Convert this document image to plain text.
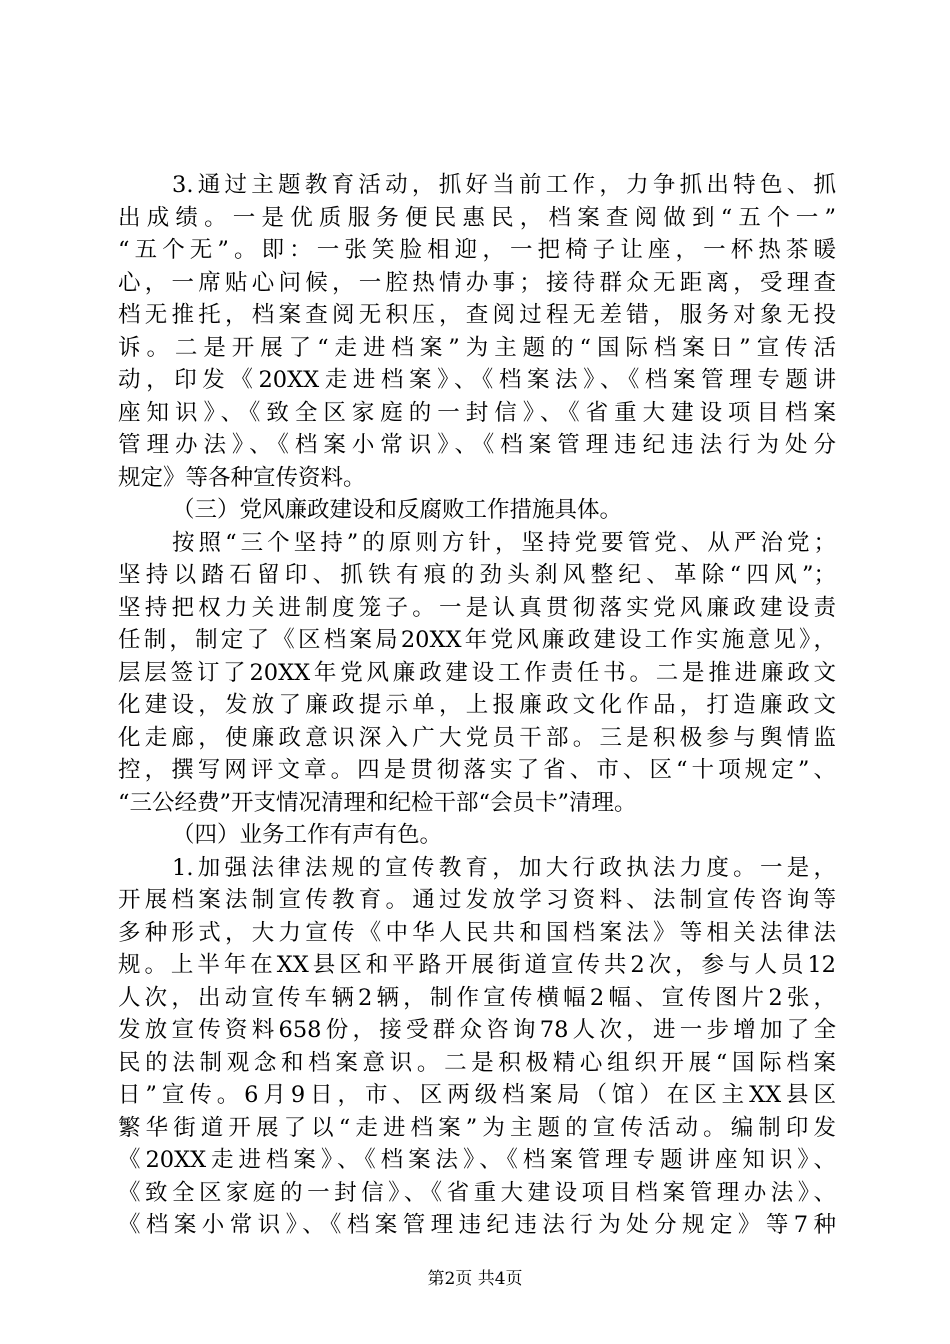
3.通过主题教育活动，抓好当前工作，力争抓出特色、抓
出成绩。一是优质服务便民惠民，档案查阅做到“五个一”
“五个无”。即：一张笑脸相迎，一把椅子让座，一杯热茶暖
心，一席贴心问候，一腔热情办事；接待群众无距离，受理查
档无推托，档案查阅无积压，查阅过程无差错，服务对象无投
诉。二是开展了“走进档案”为主题的“国际档案日”宣传活
动，印发《20XX走进档案》、《档案法》、《档案管理专题讲
座知识》、《致全区家庭的一封信》、《省重大建设项目档案
管理办法》、《档案小常识》、《档案管理违纪违法行为处分
规定》等各种宣传资料。
（三）党风廉政建设和反腐败工作措施具体。
按照“三个坚持”的原则方针，坚持党要管党、从严治党；
坚持以踏石留印、抓铁有痕的劲头刹风整纪、革除“四风”；
坚持把权力关进制度笼子。一是认真贯彻落实党风廉政建设责
任制，制定了《区档案局20XX年党风廉政建设工作实施意见》，
层层签订了20XX年党风廉政建设工作责任书。二是推进廉政文
化建设，发放了廉政提示单，上报廉政文化作品，打造廉政文
化走廊，使廉政意识深入广大党员干部。三是积极参与舆情监
控，撰写网评文章。四是贯彻落实了省、市、区“十项规定”、
“三公经费”开支情况清理和纪检干部“会员卡”清理。
（四）业务工作有声有色。
1.加强法律法规的宣传教育，加大行政执法力度。一是，
开展档案法制宣传教育。通过发放学习资料、法制宣传咨询等
多种形式，大力宣传《中华人民共和国档案法》等相关法律法
规。上半年在XX县区和平路开展街道宣传共2次，参与人员12
人次，出动宣传车辆2辆，制作宣传横幅2幅、宣传图片2张，
发放宣传资料658份，接受群众咨询78人次，进一步增加了全
民的法制观念和档案意识。二是积极精心组织开展“国际档案
日”宣传。6月9日，市、区两级档案局（馆）在区主XX县区
繁华街道开展了以“走进档案”为主题的宣传活动。编制印发
《20XX走进档案》、《档案法》、《档案管理专题讲座知识》、
《致全区家庭的一封信》、《省重大建设项目档案管理办法》、
《档案小常识》、《档案管理违纪违法行为处分规定》等7种
第2页 共4页
